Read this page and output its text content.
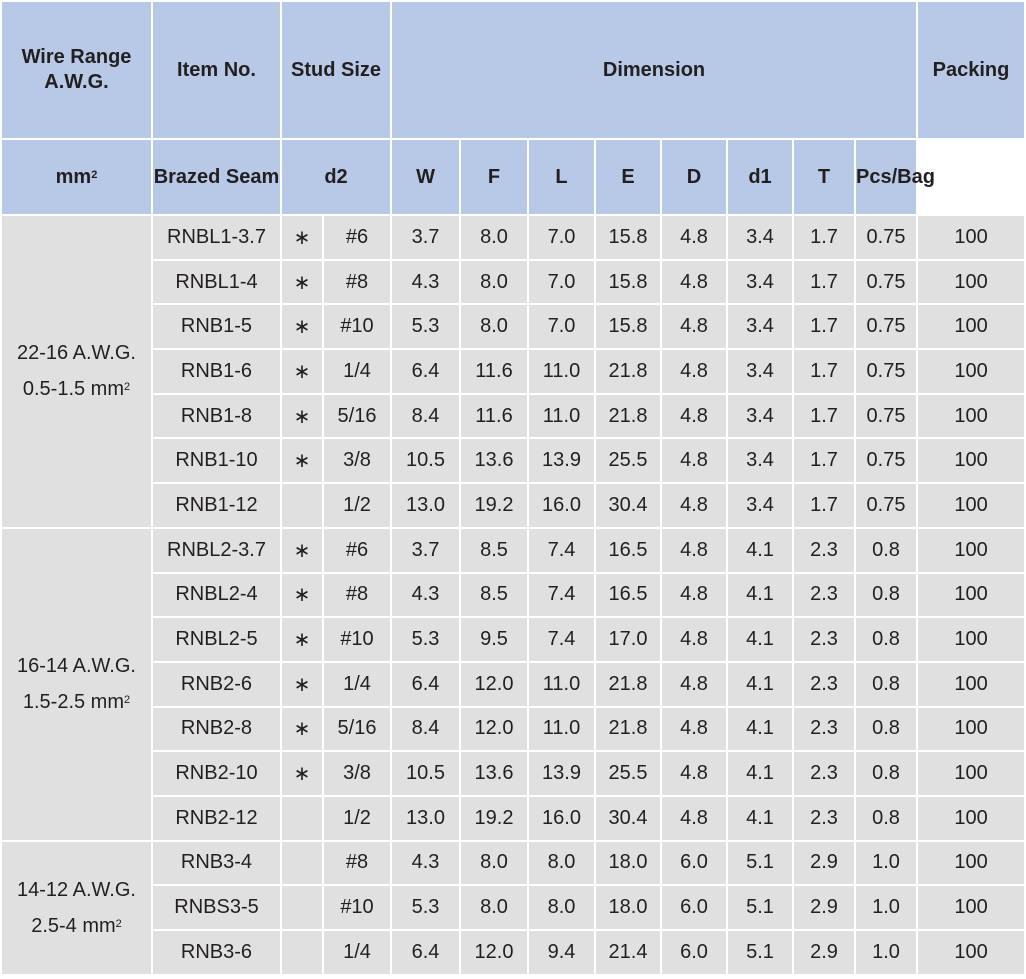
Wire Range
A.W.G.	Item No.	Stud Size		Dimension								Packing
$mm^2$	Brazed Seam	d2		W	F	L	E	D	d1	T	Pcs/Bag	
22-16 A.W.G.
0.5-1.5 $mm^2$	RNBL1-3.7	∗	#6	3.7	8.0	7.0	15.8	4.8	3.4	1.7	0.75	100
	RNBL1-4	∗	#8	4.3	8.0	7.0	15.8	4.8	3.4	1.7	0.75	100
	RNB1-5	∗	#10	5.3	8.0	7.0	15.8	4.8	3.4	1.7	0.75	100
	RNB1-6	∗	1/4	6.4	11.6	11.0	21.8	4.8	3.4	1.7	0.75	100
	RNB1-8	∗	5/16	8.4	11.6	11.0	21.8	4.8	3.4	1.7	0.75	100
	RNB1-10	∗	3/8	10.5	13.6	13.9	25.5	4.8	3.4	1.7	0.75	100
	RNB1-12		1/2	13.0	19.2	16.0	30.4	4.8	3.4	1.7	0.75	100
16-14 A.W.G.
1.5-2.5 $mm^2$	RNBL2-3.7	∗	#6	3.7	8.5	7.4	16.5	4.8	4.1	2.3	0.8	100
	RNBL2-4	∗	#8	4.3	8.5	7.4	16.5	4.8	4.1	2.3	0.8	100
	RNBL2-5	∗	#10	5.3	9.5	7.4	17.0	4.8	4.1	2.3	0.8	100
	RNB2-6	∗	1/4	6.4	12.0	11.0	21.8	4.8	4.1	2.3	0.8	100
	RNB2-8	∗	5/16	8.4	12.0	11.0	21.8	4.8	4.1	2.3	0.8	100
	RNB2-10	∗	3/8	10.5	13.6	13.9	25.5	4.8	4.1	2.3	0.8	100
	RNB2-12		1/2	13.0	19.2	16.0	30.4	4.8	4.1	2.3	0.8	100
14-12 A.W.G.
2.5-4 $mm^2$	RNB3-4		#8	4.3	8.0	8.0	18.0	6.0	5.1	2.9	1.0	100
	RNBS3-5		#10	5.3	8.0	8.0	18.0	6.0	5.1	2.9	1.0	100
	RNB3-6		1/4	6.4	12.0	9.4	21.4	6.0	5.1	2.9	1.0	100
